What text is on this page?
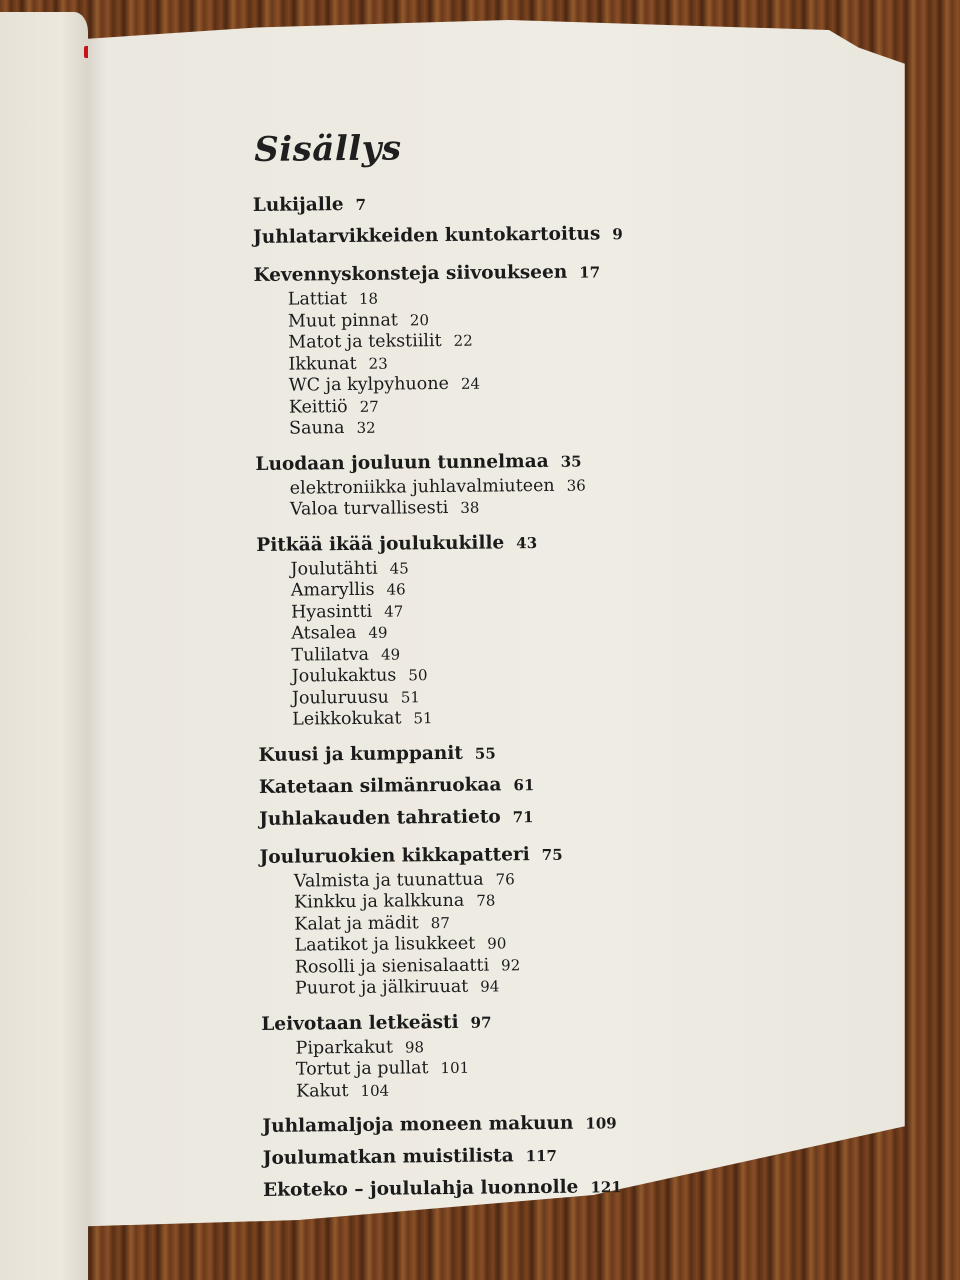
Sisällys
Lukijalle 7
Juhlatarvikkeiden kuntokartoitus 9
Kevennyskonsteja siivoukseen 17
Lattiat 18
Muut pinnat 20
Matot ja tekstiilit 22
Ikkunat 23
WC ja kylpyhuone 24
Keittiö 27
Sauna 32
Luodaan jouluun tunnelmaa 35
elektroniikka juhlavalmiuteen 36
Valoa turvallisesti 38
Pitkää ikää joulukukille 43
Joulutähti 45
Amaryllis 46
Hyasintti 47
Atsalea 49
Tulilatva 49
Joulukaktus 50
Jouluruusu 51
Leikkokukat 51
Kuusi ja kumppanit 55
Katetaan silmänruokaa 61
Juhlakauden tahratieto 71
Jouluruokien kikkapatteri 75
Valmista ja tuunattua 76
Kinkku ja kalkkuna 78
Kalat ja mädit 87
Laatikot ja lisukkeet 90
Rosolli ja sienisalaatti 92
Puurot ja jälkiruuat 94
Leivotaan letkeästi 97
Piparkakut 98
Tortut ja pullat 101
Kakut 104
Juhlamaljoja moneen makuun 109
Joulumatkan muistilista 117
Ekoteko – joululahja luonnolle 121
